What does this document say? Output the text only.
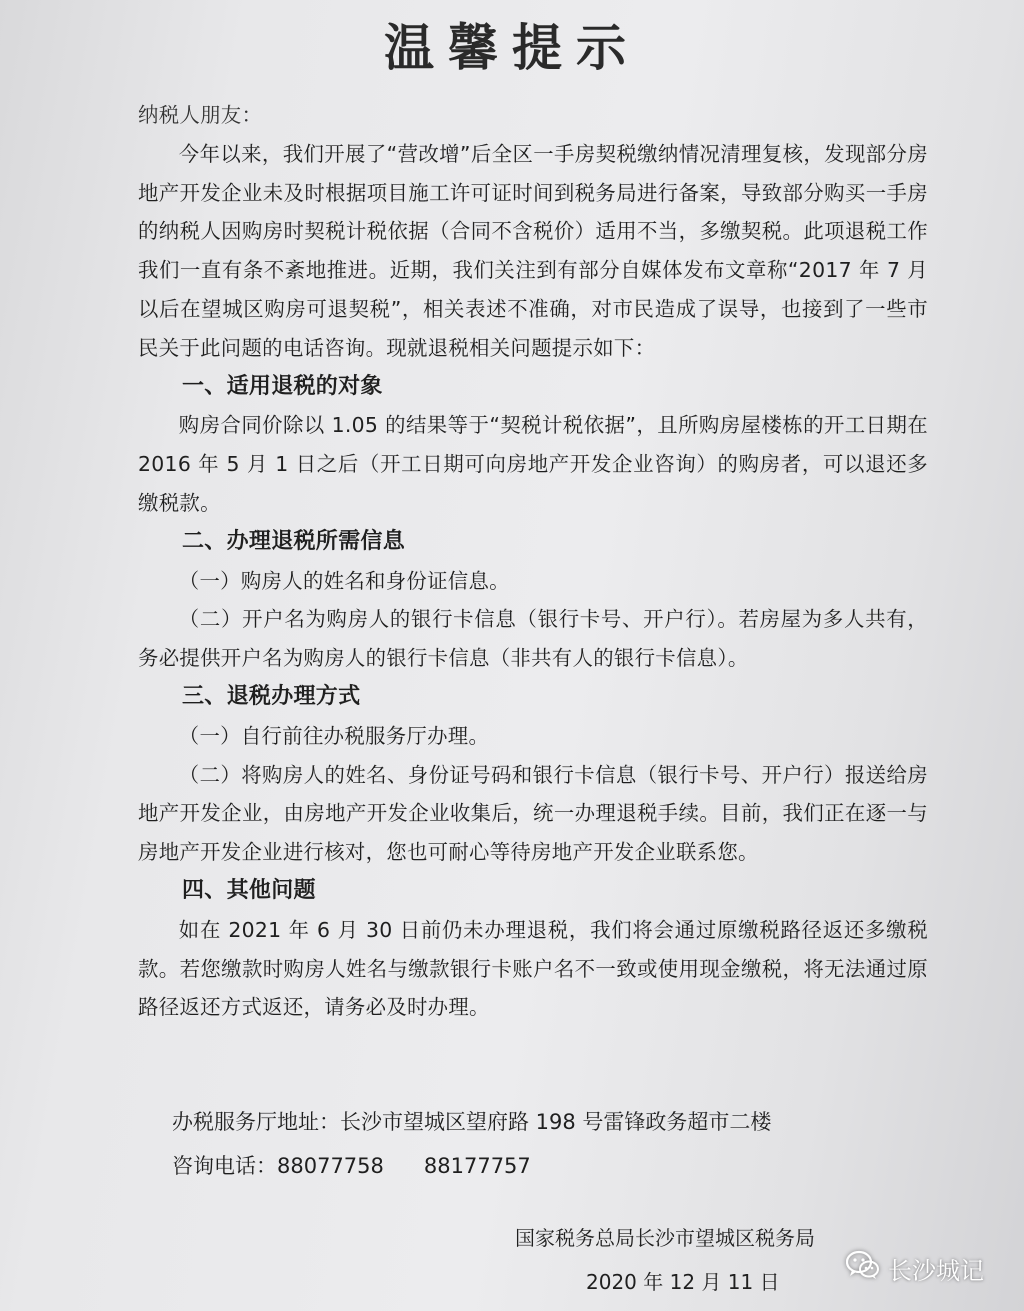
温馨提示

纳税人朋友：

今年以来，我们开展了“营改增”后全区一手房契税缴纳情况清理复核，发现部分房地产开发企业未及时根据项目施工许可证时间到税务局进行备案，导致部分购买一手房的纳税人因购房时契税计税依据（合同不含税价）适用不当，多缴契税。此项退税工作我们一直有条不紊地推进。近期，我们关注到有部分自媒体发布文章称“2017 年 7 月以后在望城区购房可退契税”，相关表述不准确，对市民造成了误导，也接到了一些市民关于此问题的电话咨询。现就退税相关问题提示如下：

一、适用退税的对象

购房合同价除以 1.05 的结果等于“契税计税依据”，且所购房屋楼栋的开工日期在 2016 年 5 月 1 日之后（开工日期可向房地产开发企业咨询）的购房者，可以退还多缴税款。

二、办理退税所需信息

（一）购房人的姓名和身份证信息。

（二）开户名为购房人的银行卡信息（银行卡号、开户行）。若房屋为多人共有，务必提供开户名为购房人的银行卡信息（非共有人的银行卡信息）。

三、退税办理方式

（一）自行前往办税服务厅办理。

（二）将购房人的姓名、身份证号码和银行卡信息（银行卡号、开户行）报送给房地产开发企业，由房地产开发企业收集后，统一办理退税手续。目前，我们正在逐一与房地产开发企业进行核对，您也可耐心等待房地产开发企业联系您。

四、其他问题

如在 2021 年 6 月 30 日前仍未办理退税，我们将会通过原缴税路径返还多缴税款。若您缴款时购房人姓名与缴款银行卡账户名不一致或使用现金缴税，将无法通过原路径返还方式返还，请务必及时办理。

办税服务厅地址：长沙市望城区望府路 198 号雷锋政务超市二楼

咨询电话：88077758 88177757

国家税务总局长沙市望城区税务局
2020 年 12 月 11 日	长沙城记
